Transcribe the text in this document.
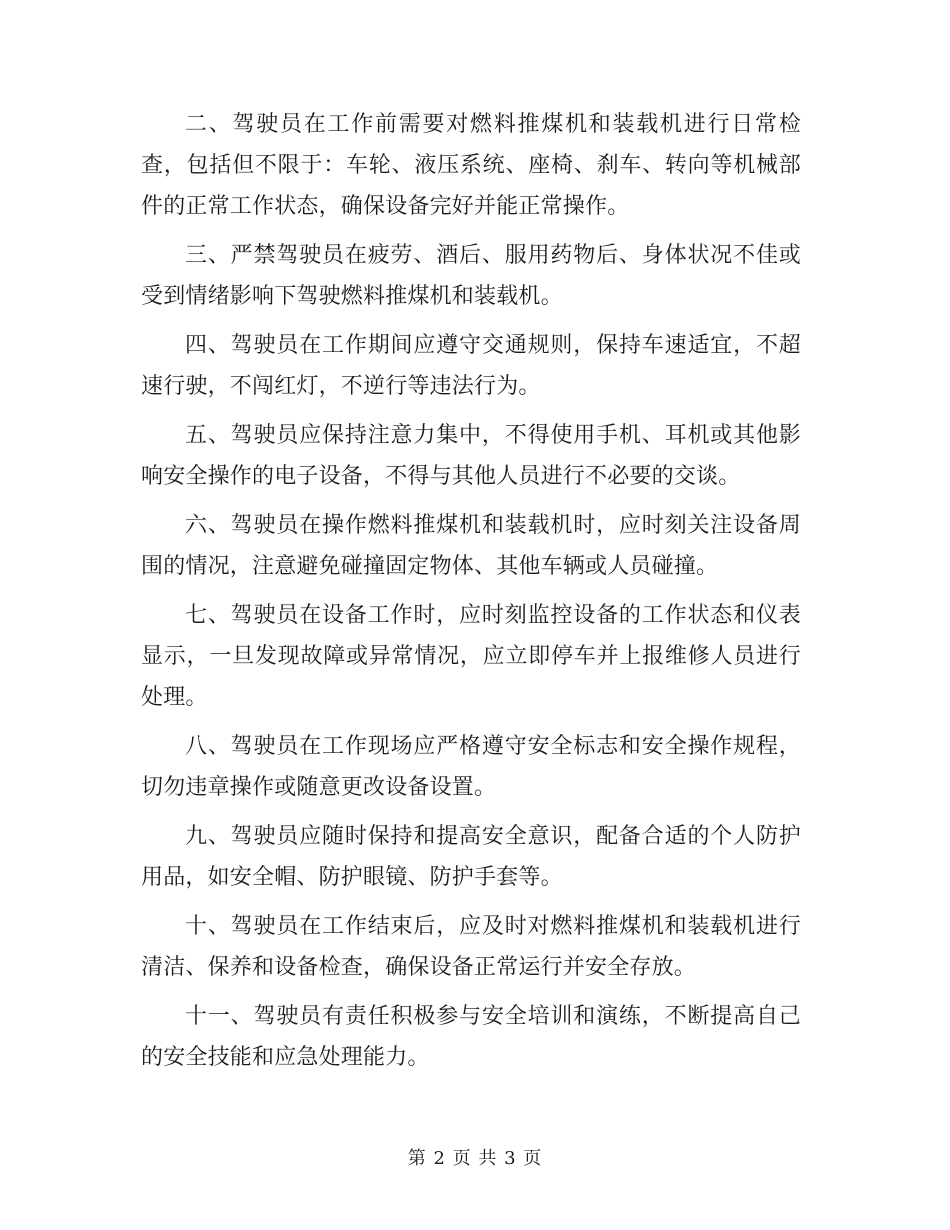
二、驾驶员在工作前需要对燃料推煤机和装载机进行日常检查，包括但不限于：车轮、液压系统、座椅、刹车、转向等机械部件的正常工作状态，确保设备完好并能正常操作。

三、严禁驾驶员在疲劳、酒后、服用药物后、身体状况不佳或受到情绪影响下驾驶燃料推煤机和装载机。

四、驾驶员在工作期间应遵守交通规则，保持车速适宜，不超速行驶，不闯红灯，不逆行等违法行为。

五、驾驶员应保持注意力集中，不得使用手机、耳机或其他影响安全操作的电子设备，不得与其他人员进行不必要的交谈。

六、驾驶员在操作燃料推煤机和装载机时，应时刻关注设备周围的情况，注意避免碰撞固定物体、其他车辆或人员碰撞。

七、驾驶员在设备工作时，应时刻监控设备的工作状态和仪表显示，一旦发现故障或异常情况，应立即停车并上报维修人员进行处理。

八、驾驶员在工作现场应严格遵守安全标志和安全操作规程，切勿违章操作或随意更改设备设置。

九、驾驶员应随时保持和提高安全意识，配备合适的个人防护用品，如安全帽、防护眼镜、防护手套等。

十、驾驶员在工作结束后，应及时对燃料推煤机和装载机进行清洁、保养和设备检查，确保设备正常运行并安全存放。

十一、驾驶员有责任积极参与安全培训和演练，不断提高自己的安全技能和应急处理能力。

第 2 页 共 3 页
